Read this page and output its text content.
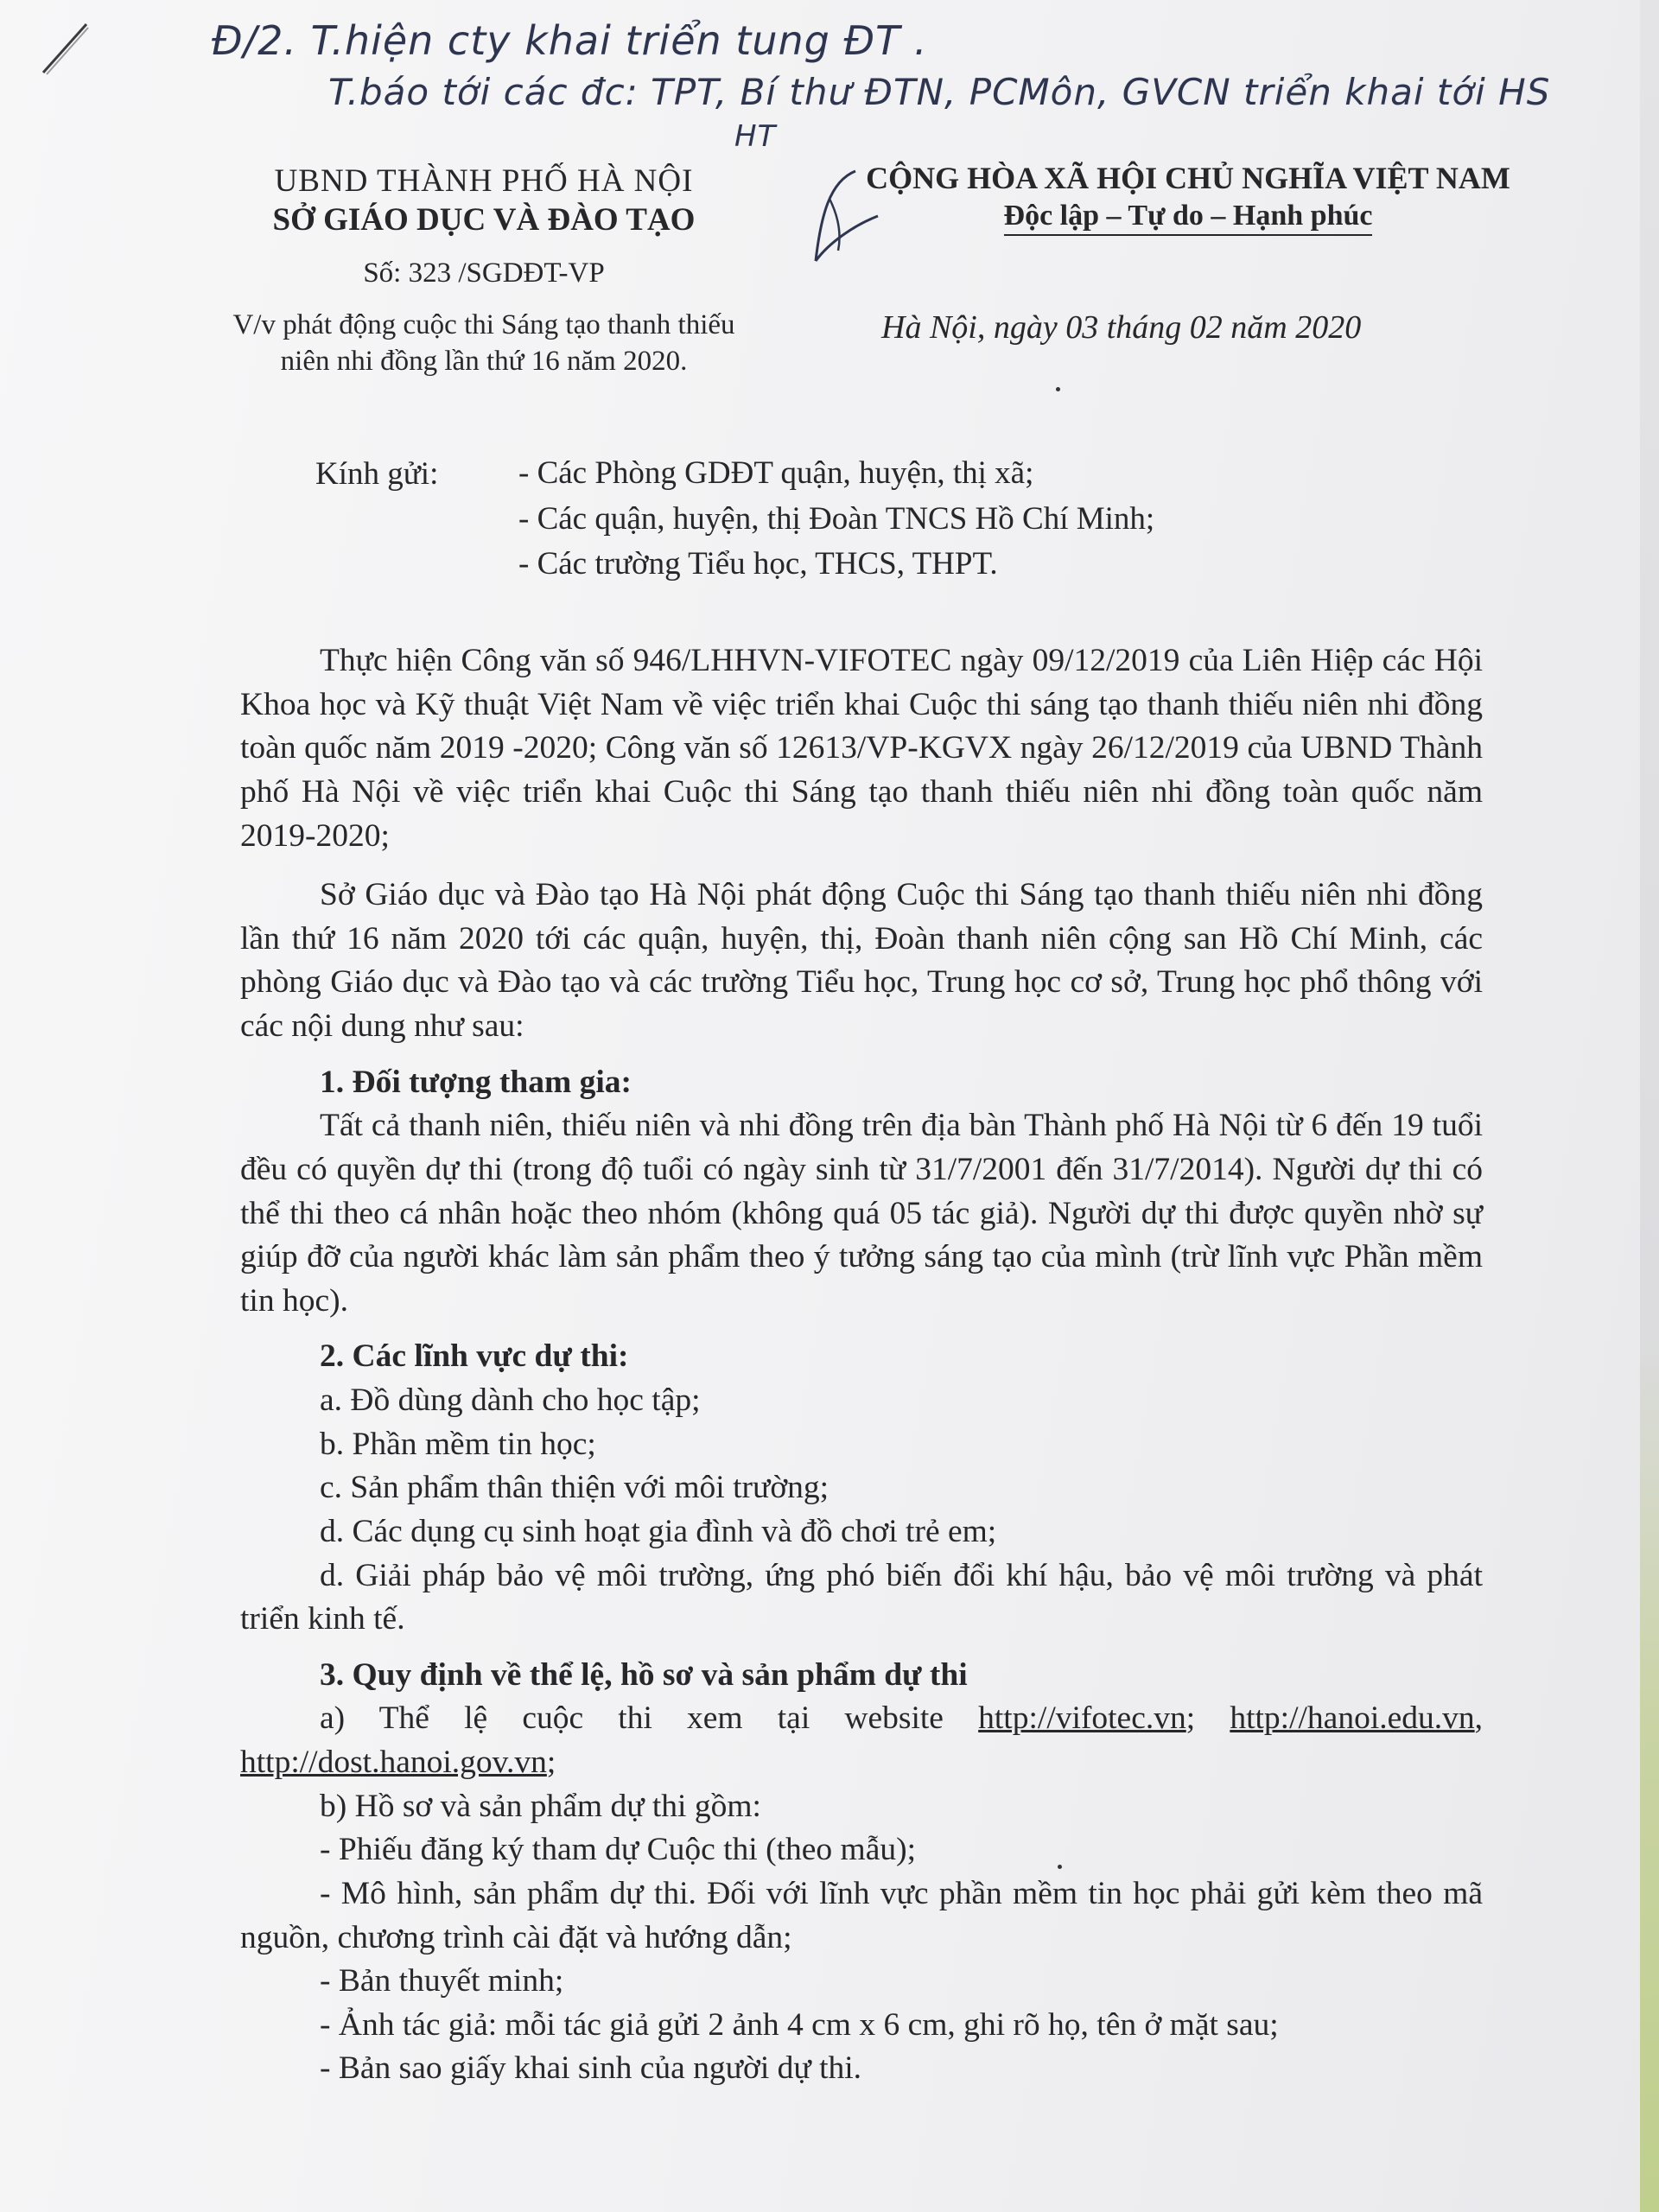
Đ/2. T.hiện cty khai triển tung ĐT .
T.báo tới các đc: TPT, Bí thư ĐTN, PCMôn, GVCN triển khai tới HS
HT
UBND THÀNH PHỐ HÀ NỘI
SỞ GIÁO DỤC VÀ ĐÀO TẠO
Số: 323 /SGDĐT-VP
V/v phát động cuộc thi Sáng tạo thanh thiếu
niên nhi đồng lần thứ 16 năm 2020.
CỘNG HÒA XÃ HỘI CHỦ NGHĨA VIỆT NAM
Độc lập – Tự do – Hạnh phúc
Hà Nội, ngày 03 tháng 02 năm 2020
Kính gửi:	- Các Phòng GDĐT quận, huyện, thị xã;
- Các quận, huyện, thị Đoàn TNCS Hồ Chí Minh;
- Các trường Tiểu học, THCS, THPT.

Thực hiện Công văn số 946/LHHVN-VIFOTEC ngày 09/12/2019 của Liên Hiệp các Hội Khoa học và Kỹ thuật Việt Nam về việc triển khai Cuộc thi sáng tạo thanh thiếu niên nhi đồng toàn quốc năm 2019 -2020; Công văn số 12613/VP-KGVX ngày 26/12/2019 của UBND Thành phố Hà Nội về việc triển khai Cuộc thi Sáng tạo thanh thiếu niên nhi đồng toàn quốc năm 2019-2020;

Sở Giáo dục và Đào tạo Hà Nội phát động Cuộc thi Sáng tạo thanh thiếu niên nhi đồng lần thứ 16 năm 2020 tới các quận, huyện, thị, Đoàn thanh niên cộng san Hồ Chí Minh, các phòng Giáo dục và Đào tạo và các trường Tiểu học, Trung học cơ sở, Trung học phổ thông với các nội dung như sau:

1. Đối tượng tham gia:

Tất cả thanh niên, thiếu niên và nhi đồng trên địa bàn Thành phố Hà Nội từ 6 đến 19 tuổi đều có quyền dự thi (trong độ tuổi có ngày sinh từ 31/7/2001 đến 31/7/2014). Người dự thi có thể thi theo cá nhân hoặc theo nhóm (không quá 05 tác giả). Người dự thi được quyền nhờ sự giúp đỡ của người khác làm sản phẩm theo ý tưởng sáng tạo của mình (trừ lĩnh vực Phần mềm tin học).

2. Các lĩnh vực dự thi:
a. Đồ dùng dành cho học tập;
b. Phần mềm tin học;
c. Sản phẩm thân thiện với môi trường;
d. Các dụng cụ sinh hoạt gia đình và đồ chơi trẻ em;

d. Giải pháp bảo vệ môi trường, ứng phó biến đổi khí hậu, bảo vệ môi trường và phát triển kinh tế.

3. Quy định về thể lệ, hồ sơ và sản phẩm dự thi

a) Thể lệ cuộc thi xem tại website http://vifotec.vn; http://hanoi.edu.vn, http://dost.hanoi.gov.vn;

b) Hồ sơ và sản phẩm dự thi gồm:
- Phiếu đăng ký tham dự Cuộc thi (theo mẫu);

- Mô hình, sản phẩm dự thi. Đối với lĩnh vực phần mềm tin học phải gửi kèm theo mã nguồn, chương trình cài đặt và hướng dẫn;

- Bản thuyết minh;
- Ảnh tác giả: mỗi tác giả gửi 2 ảnh 4 cm x 6 cm, ghi rõ họ, tên ở mặt sau;
- Bản sao giấy khai sinh của người dự thi.
